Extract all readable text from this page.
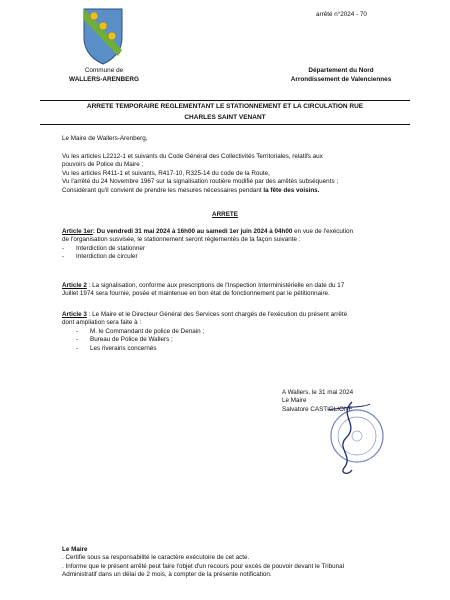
arrêté n°2024 - 70
Commune de
WALLERS-ARENBERG
Département du Nord
Arrondissement de Valenciennes
ARRETE TEMPORAIRE REGLEMENTANT LE STATIONNEMENT ET LA CIRCULATION RUE
CHARLES SAINT VENANT
Le Maire de Wallers-Arenberg,
Vu les articles L2212-1 et suivants du Code Général des Collectivités Territoriales, relatifs aux
pouvoirs de Police du Maire ;
Vu les articles R411-1 et suivants, R417-10, R325-14 du code de la Route,
Vu l'arrêté du 24 Novembre 1967 sur la signalisation routière modifié par des arrêtés subséquents ;
Considérant qu'il convient de prendre les mesures nécessaires pendant la fête des voisins.
ARRETE
Article 1er: Du vendredi 31 mai 2024 à 16h00 au samedi 1er juin 2024 à 04h00 en vue de l'exécution
de l'organisation susvisée, le stationnement seront réglementés de la façon suivante :
- Interdiction de stationner
- Interdiction de circuler
Article 2 : La signalisation, conforme aux prescriptions de l'Inspection Interministérielle en date du 17
Juillet 1974 sera fournie, posée et maintenue en bon état de fonctionnement par le pétitionnaire.
Article 3 : Le Maire et le Directeur Général des Services sont chargés de l'exécution du présent arrêté
dont ampliation sera faite à :
- M. le Commandant de police de Denain ;
- Bureau de Police de Wallers ;
- Les riverains concernés
A Wallers, le 31 mai 2024
Le Maire
Salvatore CASTIGLIONE
Le Maire
. Certifie sous sa responsabilité le caractère exécutoire de cet acte.
. Informe que le présent arrêté peut faire l'objet d'un recours pour excès de pouvoir devant le Tribunal
Administratif dans un délai de 2 mois, à compter de la présente notification.
